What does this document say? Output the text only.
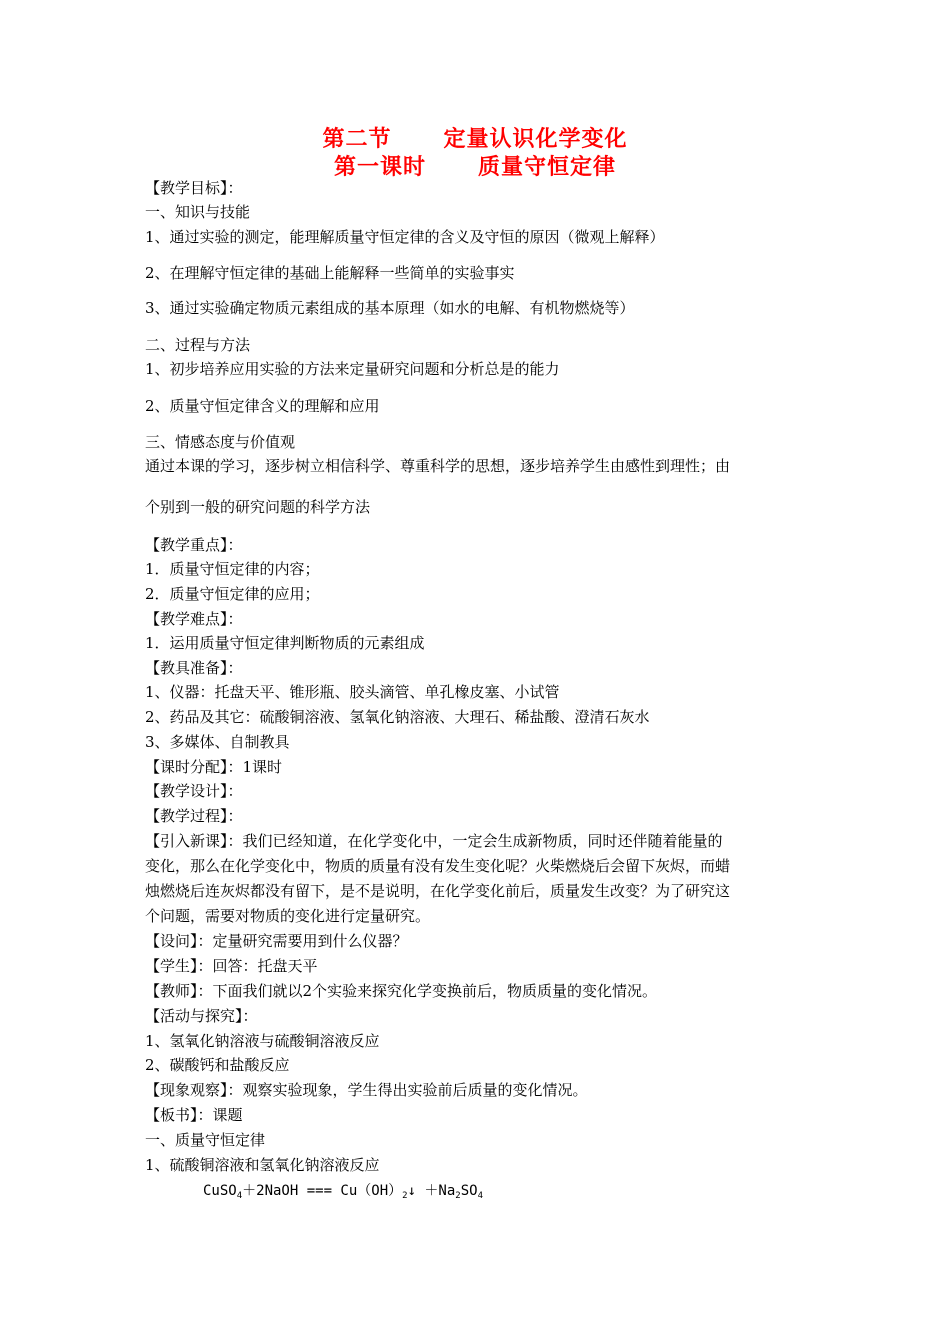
第二节      定量认识化学变化
第一课时      质量守恒定律
【教学目标】：
一、知识与技能
1、通过实验的测定，能理解质量守恒定律的含义及守恒的原因（微观上解释）
2、在理解守恒定律的基础上能解释一些简单的实验事实
3、通过实验确定物质元素组成的基本原理（如水的电解、有机物燃烧等）
二、过程与方法
1、初步培养应用实验的方法来定量研究问题和分析总是的能力
2、质量守恒定律含义的理解和应用
三、情感态度与价值观
通过本课的学习，逐步树立相信科学、尊重科学的思想，逐步培养学生由感性到理性；由
个别到一般的研究问题的科学方法
【教学重点】：
1．质量守恒定律的内容；
2．质量守恒定律的应用；
【教学难点】：
1．运用质量守恒定律判断物质的元素组成
【教具准备】：
1、仪器：托盘天平、锥形瓶、胶头滴管、单孔橡皮塞、小试管
2、药品及其它：硫酸铜溶液、氢氧化钠溶液、大理石、稀盐酸、澄清石灰水
3、多媒体、自制教具
【课时分配】：1课时
【教学设计】：
【教学过程】：
【引入新课】：我们已经知道，在化学变化中，一定会生成新物质，同时还伴随着能量的
变化，那么在化学变化中，物质的质量有没有发生变化呢？火柴燃烧后会留下灰烬，而蜡
烛燃烧后连灰烬都没有留下，是不是说明，在化学变化前后，质量发生改变？为了研究这
个问题，需要对物质的变化进行定量研究。
【设问】：定量研究需要用到什么仪器？
【学生】：回答：托盘天平
【教师】：下面我们就以2个实验来探究化学变换前后，物质质量的变化情况。
【活动与探究】：
1、氢氧化钠溶液与硫酸铜溶液反应
2、碳酸钙和盐酸反应
【现象观察】：观察实验现象，学生得出实验前后质量的变化情况。
【板书】：课题
一、质量守恒定律
1、硫酸铜溶液和氢氧化钠溶液反应
CuSO$_4$＋2NaOH === $Cu(OH)_2↓ +Na_2SO_4$
